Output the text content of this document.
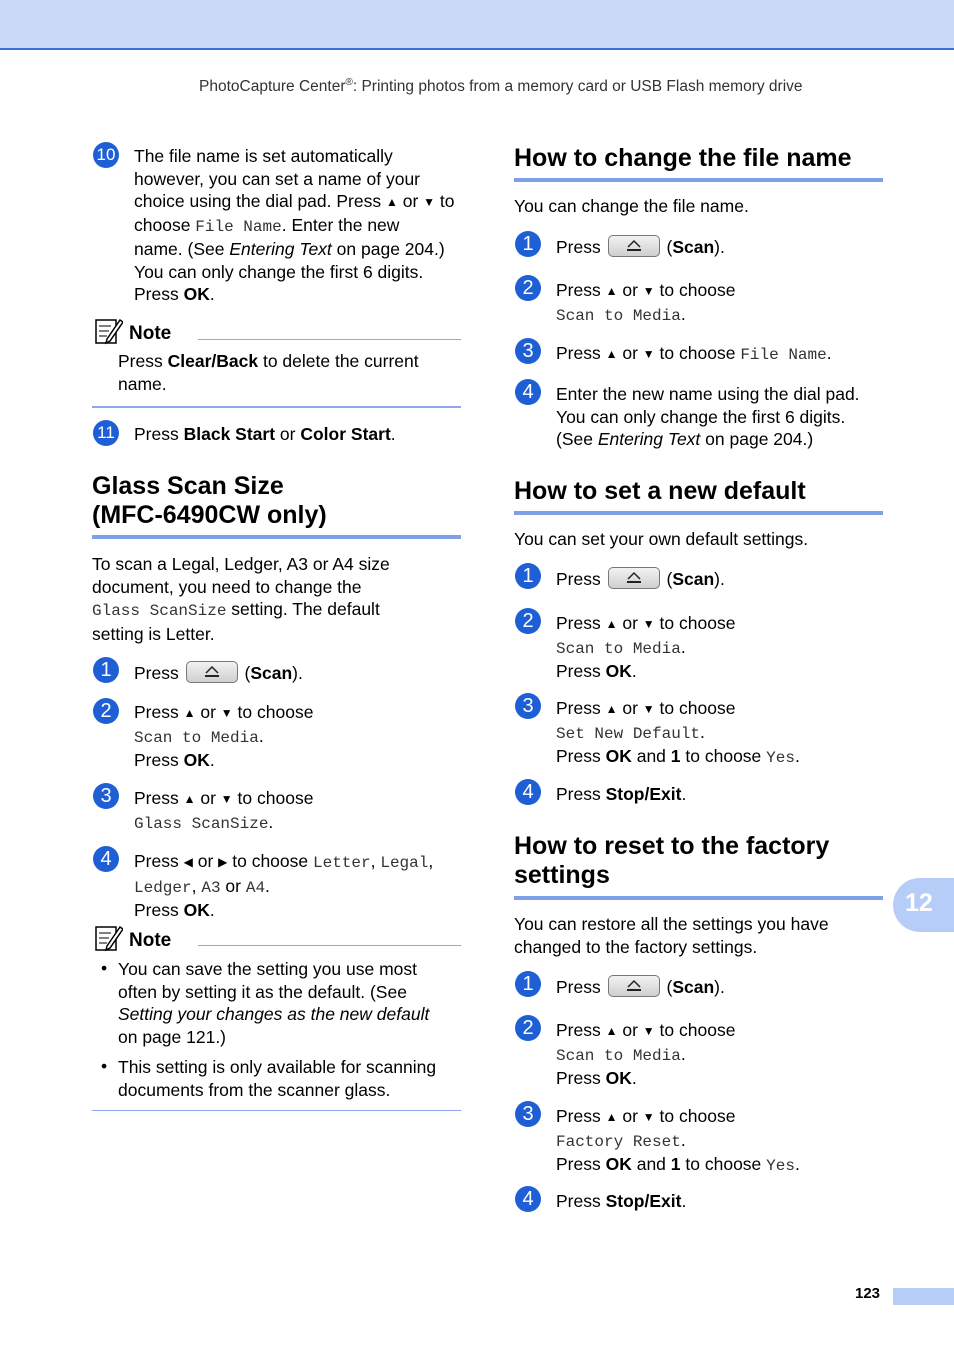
PhotoCapture Center®: Printing photos from a memory card or USB Flash memory drive
10 The file name is set automatically
however, you can set a name of your
choice using the dial pad. Press ▲ or ▼ to
choose File Name. Enter the new
name. (See Entering Text on page 204.)
You can only change the first 6 digits.
Press OK.
Note
Press Clear/Back to delete the current
name.
11 Press Black Start or Color Start.
Glass Scan Size
(MFC-6490CW only)
To scan a Legal, Ledger, A3 or A4 size
document, you need to change the
Glass ScanSize setting. The default
setting is Letter.
1	Press	(Scan).
2	Press ▲ or ▼ to choose
Scan to Media.
Press OK.
3	Press ▲ or ▼ to choose
Glass ScanSize.
4	Press ◀ or ▶ to choose Letter, Legal,
Ledger, A3 or A4.
Press OK.
Note
• You can save the setting you use most
often by setting it as the default. (See
Setting your changes as the new default
on page 121.)
• This setting is only available for scanning
documents from the scanner glass.
How to change the file name
You can change the file name.
1	Press	(Scan).
2	Press ▲ or ▼ to choose
Scan to Media.
3	Press ▲ or ▼ to choose File Name.
4	Enter the new name using the dial pad.
You can only change the first 6 digits.
(See Entering Text on page 204.)
How to set a new default
You can set your own default settings.
1	Press	(Scan).
2	Press ▲ or ▼ to choose
Scan to Media.
Press OK.
3	Press ▲ or ▼ to choose
Set New Default.
Press OK and 1 to choose Yes.
4	Press Stop/Exit.
How to reset to the factory
settings
You can restore all the settings you have
changed to the factory settings.
1	Press	(Scan).
2	Press ▲ or ▼ to choose
Scan to Media.
Press OK.
3	Press ▲ or ▼ to choose
Factory Reset.
Press OK and 1 to choose Yes.
4	Press Stop/Exit.
12
123
